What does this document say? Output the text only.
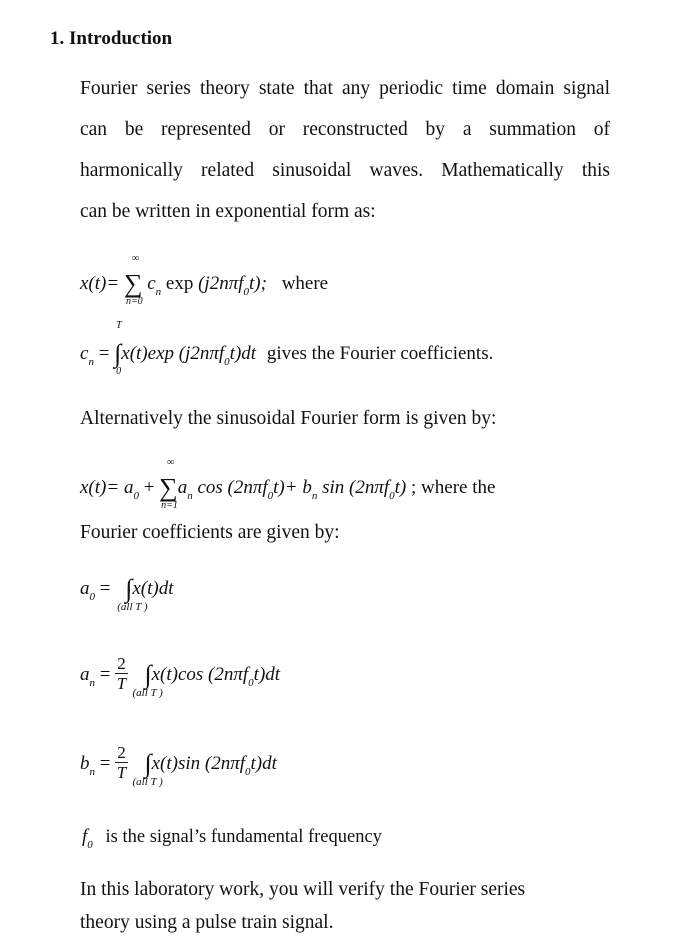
1. Introduction
Fourier series theory state that any periodic time domain signal
can be represented or reconstructed by a summation of
harmonically related sinusoidal waves. Mathematically this
can be written in exponential form as:
x(t)=
∞
∑
n=0
$c_n$ exp (j2nπf$_0$t); where
$c_n$ =
T
∫
0
x(t)exp (j2nπf$_0$t)dt gives the Fourier coefficients.
Alternatively the sinusoidal Fourier form is given by:
$x(t)= a_0$ +
∞
∑
n=1
$a_n$ $\cos (2n\pi f_0t)+ b_n$ sin (2nπf$_0$t) ; where the
Fourier coefficients are given by:
$a_0$ = ∫
(all T )
x(t)dt
$a_n = \frac{2}{T}$ ∫
(all T )
x(t)cos (2nπf$_0$t)dt
$b_n = \frac{2}{T}$ ∫
(all T )
x(t)sin (2nπf$_0$t)dt
$f_0$ is the signal’s fundamental frequency
In this laboratory work, you will verify the Fourier series
theory using a pulse train signal.
